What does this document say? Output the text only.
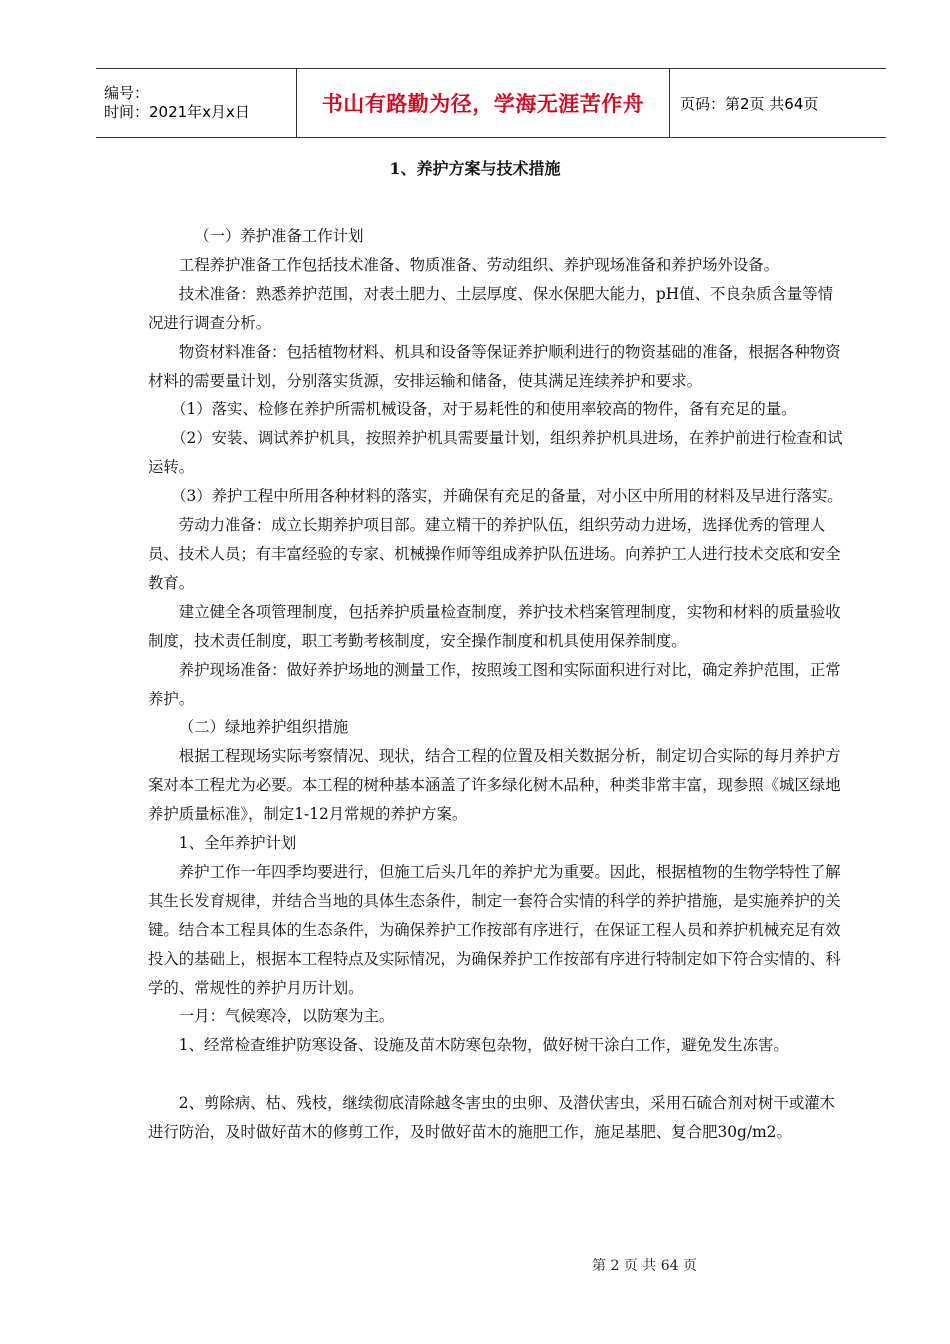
编号：
时间：2021年x月x日	书山有路勤为径，学海无涯苦作舟 页码：第2页 共64页
1、养护方案与技术措施

（一）养护准备工作计划

工程养护准备工作包括技术准备、物质准备、劳动组织、养护现场准备和养护场外设备。

技术准备：熟悉养护范围，对表土肥力、土层厚度、保水保肥大能力，pH值、不良杂质含量等情况进行调查分析。

物资材料准备：包括植物材料、机具和设备等保证养护顺利进行的物资基础的准备，根据各种物资材料的需要量计划，分别落实货源，安排运输和储备，使其满足连续养护和要求。

（1）落实、检修在养护所需机械设备，对于易耗性的和使用率较高的物件，备有充足的量。

（2）安装、调试养护机具，按照养护机具需要量计划，组织养护机具进场，在养护前进行检查和试运转。

（3）养护工程中所用各种材料的落实，并确保有充足的备量，对小区中所用的材料及早进行落实。

劳动力准备：成立长期养护项目部。建立精干的养护队伍，组织劳动力进场，选择优秀的管理人员、技术人员；有丰富经验的专家、机械操作师等组成养护队伍进场。向养护工人进行技术交底和安全教育。

建立健全各项管理制度，包括养护质量检查制度，养护技术档案管理制度，实物和材料的质量验收制度，技术责任制度，职工考勤考核制度，安全操作制度和机具使用保养制度。

养护现场准备：做好养护场地的测量工作，按照竣工图和实际面积进行对比，确定养护范围，正常养护。

（二）绿地养护组织措施

根据工程现场实际考察情况、现状，结合工程的位置及相关数据分析，制定切合实际的每月养护方案对本工程尤为必要。本工程的树种基本涵盖了许多绿化树木品种，种类非常丰富，现参照《城区绿地养护质量标准》，制定1-12月常规的养护方案。

1、全年养护计划

养护工作一年四季均要进行，但施工后头几年的养护尤为重要。因此，根据植物的生物学特性了解其生长发育规律，并结合当地的具体生态条件，制定一套符合实情的科学的养护措施，是实施养护的关键。结合本工程具体的生态条件，为确保养护工作按部有序进行，在保证工程人员和养护机械充足有效投入的基础上，根据本工程特点及实际情况，为确保养护工作按部有序进行特制定如下符合实情的、科学的、常规性的养护月历计划。

一月：气候寒冷，以防寒为主。

1、经常检查维护防寒设备、设施及苗木防寒包杂物，做好树干涂白工作，避免发生冻害。

2、剪除病、枯、残枝，继续彻底清除越冬害虫的虫卵、及潜伏害虫，采用石硫合剂对树干或灌木进行防治，及时做好苗木的修剪工作，及时做好苗木的施肥工作，施足基肥、复合肥30g/m2。

第 2 页 共 64 页
